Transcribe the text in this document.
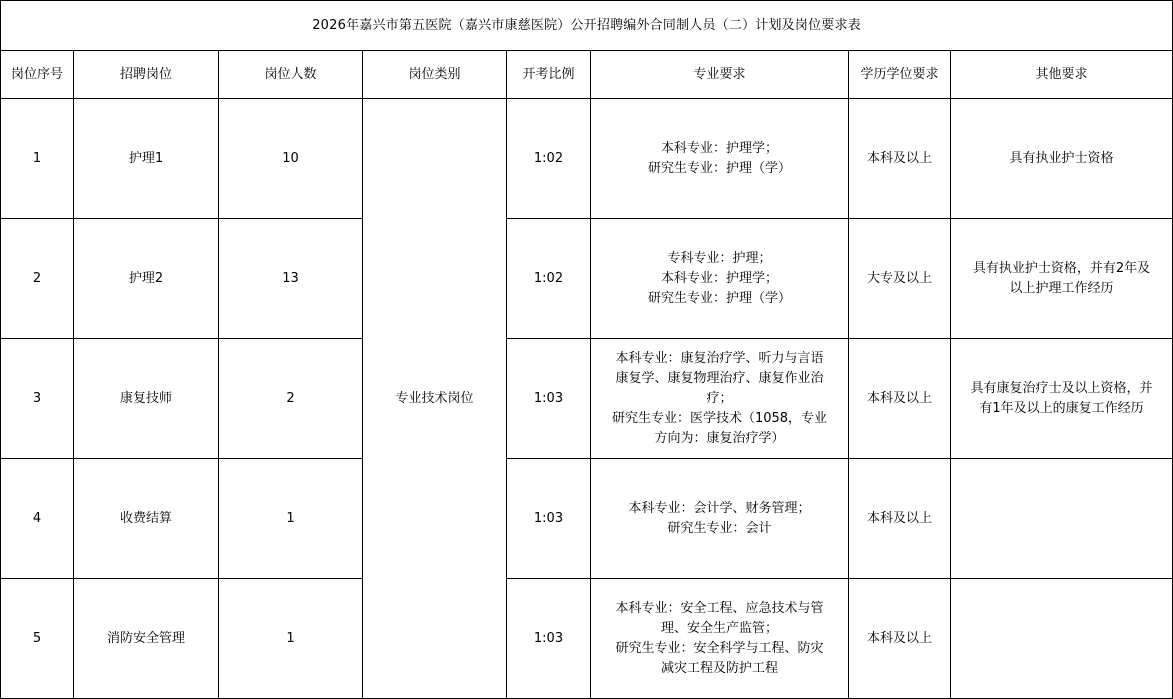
2026年嘉兴市第五医院（嘉兴市康慈医院）公开招聘编外合同制人员（二）计划及岗位要求表							
岗位序号	招聘岗位	岗位人数	岗位类别	开考比例	专业要求	学历学位要求	其他要求
1	护理1	10	专业技术岗位	1:02	本科专业：护理学；
研究生专业：护理（学）	本科及以上	具有执业护士资格

2	护理2	13		1:02	专科专业：护理；
本科专业：护理学；
研究生专业：护理（学）	大专及以上	具有执业护士资格，并有2年及
以上护理工作经历

3	康复技师	2		1:03	本科专业：康复治疗学、听力与言语
康复学、康复物理治疗、康复作业治
疗；
研究生专业：医学技术（1058，专业
方向为：康复治疗学）	本科及以上	具有康复治疗士及以上资格，并
有1年及以上的康复工作经历

4	收费结算	1		1:03	本科专业：会计学、财务管理；
研究生专业：会计	本科及以上	
5	消防安全管理	1		1:03	本科专业：安全工程、应急技术与管
理、安全生产监管；
研究生专业：安全科学与工程、防灾
减灾工程及防护工程	本科及以上	
